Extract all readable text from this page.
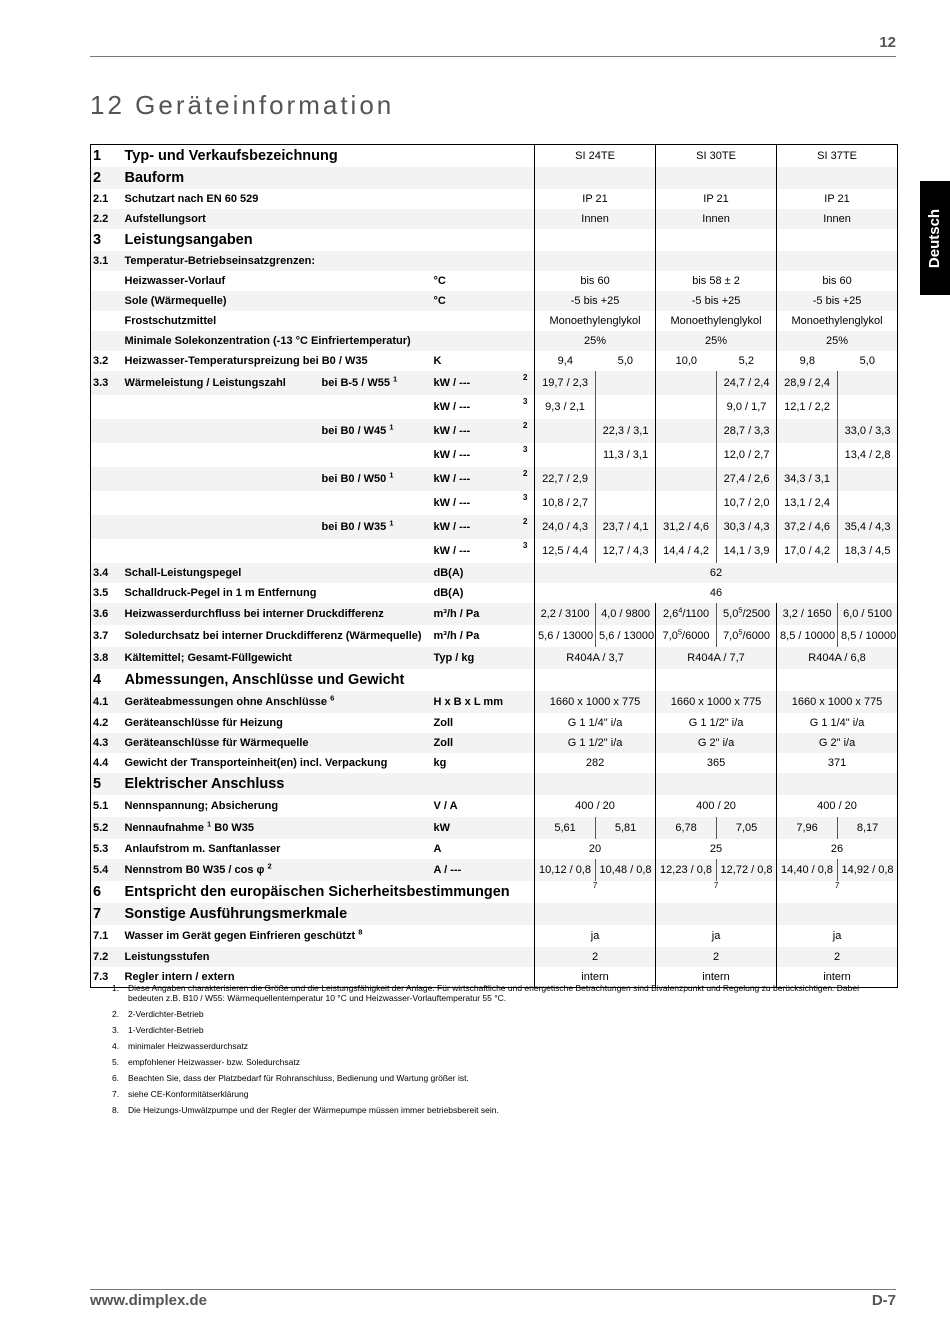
12
12 Geräteinformation
Deutsch
1	Typ- und Verkaufsbezeichnung				SI 24TE		SI 30TE		SI 37TE	
2	Bauform									
2.1	Schutzart nach EN 60 529				IP 21		IP 21		IP 21	
2.2	Aufstellungsort				Innen		Innen		Innen	
3	Leistungsangaben									
3.1	Temperatur-Betriebseinsatzgrenzen:									
	Heizwasser-Vorlauf		°C		bis 60		bis 58 ± 2		bis 60	
	Sole (Wärmequelle)		°C		-5 bis +25		-5 bis +25		-5 bis +25	
	Frostschutzmittel				Monoethylenglykol		Monoethylenglykol		Monoethylenglykol	
	Minimale Solekonzentration (-13 °C Einfriertemperatur)				25%		25%		25%	
3.2	Heizwasser-Temperaturspreizung bei B0 / W35		K		9,4	5,0	10,0	5,2	9,8	5,0
3.3	Wärmeleistung / Leistungszahl	bei B-5 / W55 $^1$	kW / ---	2	19,7 / 2,3			24,7 / 2,4	28,9 / 2,4	
			kW / ---	3	9,3 / 2,1			9,0 / 1,7	12,1 / 2,2	
		bei B0 / W45 $^1$	kW / ---	2		22,3 / 3,1		28,7 / 3,3		33,0 / 3,3
			kW / ---	3		11,3 / 3,1		12,0 / 2,7		13,4 / 2,8
		bei B0 / W50 $^1$	kW / ---	2	22,7 / 2,9			27,4 / 2,6	34,3 / 3,1	
			kW / ---	3	10,8 / 2,7			10,7 / 2,0	13,1 / 2,4	
		bei B0 / W35 $^1$	kW / ---	2	24,0 / 4,3	23,7 / 4,1	31,2 / 4,6	30,3 / 4,3	37,2 / 4,6	35,4 / 4,3
			kW / ---	3	12,5 / 4,4	12,7 / 4,3	14,4 / 4,2	14,1 / 3,9	17,0 / 4,2	18,3 / 4,5
3.4	Schall-Leistungspegel		dB(A)		62					
3.5	Schalldruck-Pegel in 1 m Entfernung		dB(A)		46					
3.6	Heizwasserdurchfluss bei interner Druckdifferenz		m³/h / Pa		2,2 / 3100	4,0 / 9800	$2,6^4/1100$	$5,0^5/2500$	3,2 / 1650	6,0 / 5100
3.7	Soledurchsatz bei interner Druckdifferenz (Wärmequelle)		m³/h / Pa		5,6 / 13000	5,6 / 13000	$7,0^5/6000$	$7,0^5/6000$	8,5 / 10000	8,5 / 10000
3.8	Kältemittel; Gesamt-Füllgewicht		Typ / kg		R404A / 3,7		R404A / 7,7		R404A / 6,8	
4	Abmessungen, Anschlüsse und Gewicht									
4.1	Geräteabmessungen ohne Anschlüsse $^6$		H x B x L mm		1660 x 1000 x 775		1660 x 1000 x 775		1660 x 1000 x 775	
4.2	Geräteanschlüsse für Heizung		Zoll		G 1 1/4" i/a		G 1 1/2" i/a		G 1 1/4" i/a	
4.3	Geräteanschlüsse für Wärmequelle		Zoll		G 1 1/2" i/a		G 2" i/a		G 2" i/a	
4.4	Gewicht der Transporteinheit(en) incl. Verpackung		kg		282		365		371	
5	Elektrischer Anschluss									
5.1	Nennspannung; Absicherung		V / A		400 / 20		400 / 20		400 / 20	
5.2	Nennaufnahme $^1$ B0 W35		kW		5,61	5,81	6,78	7,05	7,96	8,17
5.3	Anlaufstrom m. Sanftanlasser		A		20		25		26	
5.4	Nennstrom B0 W35 / cos φ $^2$		A / ---		10,12 / 0,8	10,48 / 0,8	12,23 / 0,8	12,72 / 0,8	14,40 / 0,8	14,92 / 0,8
6	Entspricht den europäischen Sicherheitsbestimmungen				7		7		7	
7	Sonstige Ausführungsmerkmale									
7.1	Wasser im Gerät gegen Einfrieren geschützt $^8$				ja		ja		ja	
7.2	Leistungsstufen				2		2		2	
7.3	Regler intern / extern				intern		intern		intern	
1. Diese Angaben charakterisieren die Größe und die Leistungsfähigkeit der Anlage. Für wirtschaftliche und energetische Betrachtungen sind Bivalenzpunkt und Regelung zu berücksichtigen. Dabei bedeuten z.B. B10 / W55: Wärmequellentemperatur 10 °C und Heizwasser-Vorlauftemperatur 55 °C.
2. 2-Verdichter-Betrieb
3. 1-Verdichter-Betrieb
4. minimaler Heizwasserdurchsatz
5. empfohlener Heizwasser- bzw. Soledurchsatz
6. Beachten Sie, dass der Platzbedarf für Rohranschluss, Bedienung und Wartung größer ist.
7. siehe CE-Konformitätserklärung
8. Die Heizungs-Umwälzpumpe und der Regler der Wärmepumpe müssen immer betriebsbereit sein.
www.dimplex.de	D-7
